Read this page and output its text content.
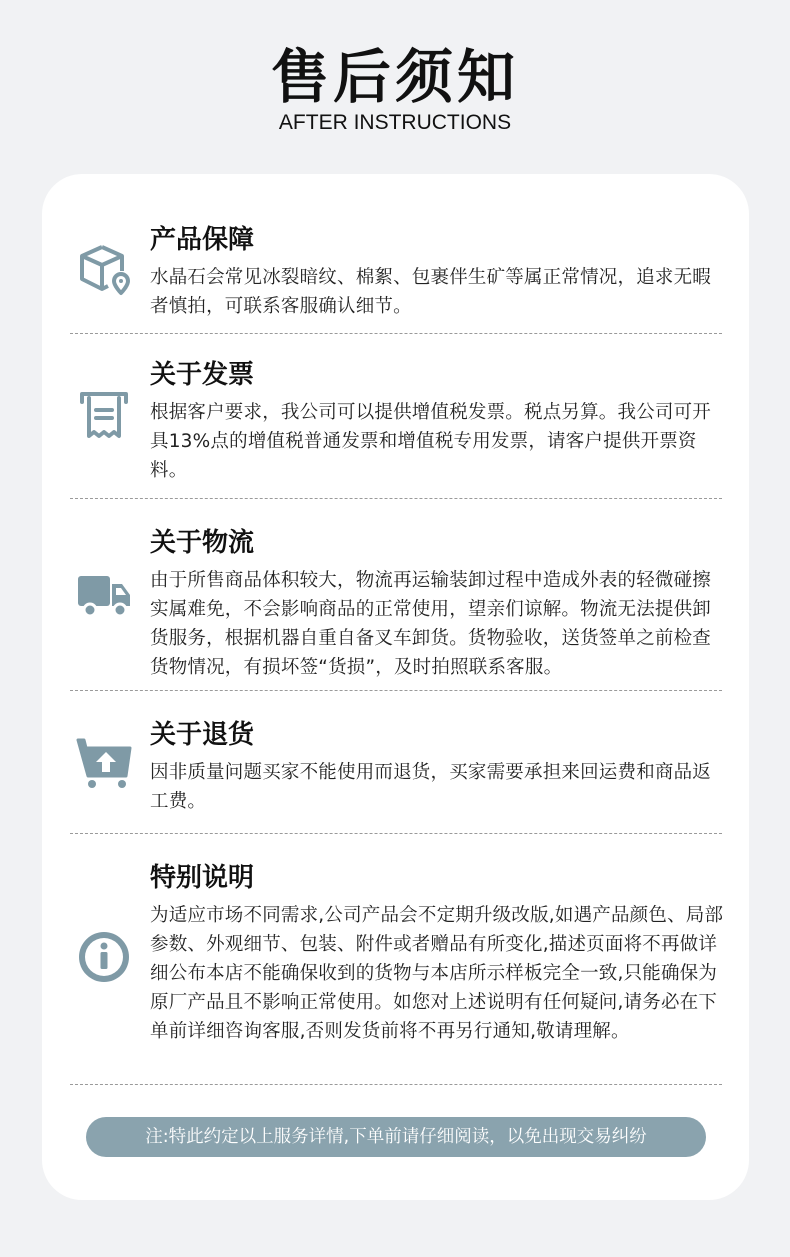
售后须知
AFTER INSTRUCTIONS
产品保障
水晶石会常见冰裂暗纹、棉絮、包裹伴生矿等属正常情况，追求无暇者慎拍，可联系客服确认细节。
关于发票
根据客户要求，我公司可以提供增值税发票。税点另算。我公司可开具13%点的增值税普通发票和增值税专用发票，请客户提供开票资料。
关于物流
由于所售商品体积较大，物流再运输装卸过程中造成外表的轻微碰擦实属难免，不会影响商品的正常使用，望亲们谅解。物流无法提供卸货服务，根据机器自重自备叉车卸货。货物验收，送货签单之前检查货物情况，有损坏签“货损”，及时拍照联系客服。
关于退货
因非质量问题买家不能使用而退货，买家需要承担来回运费和商品返工费。
特别说明
为适应市场不同需求,公司产品会不定期升级改版,如遇产品颜色、局部参数、外观细节、包装、附件或者赠品有所变化,描述页面将不再做详细公布本店不能确保收到的货物与本店所示样板完全一致,只能确保为原厂产品且不影响正常使用。如您对上述说明有任何疑问,请务必在下单前详细咨询客服,否则发货前将不再另行通知,敬请理解。
注:特此约定以上服务详情,下单前请仔细阅读，以免出现交易纠纷
